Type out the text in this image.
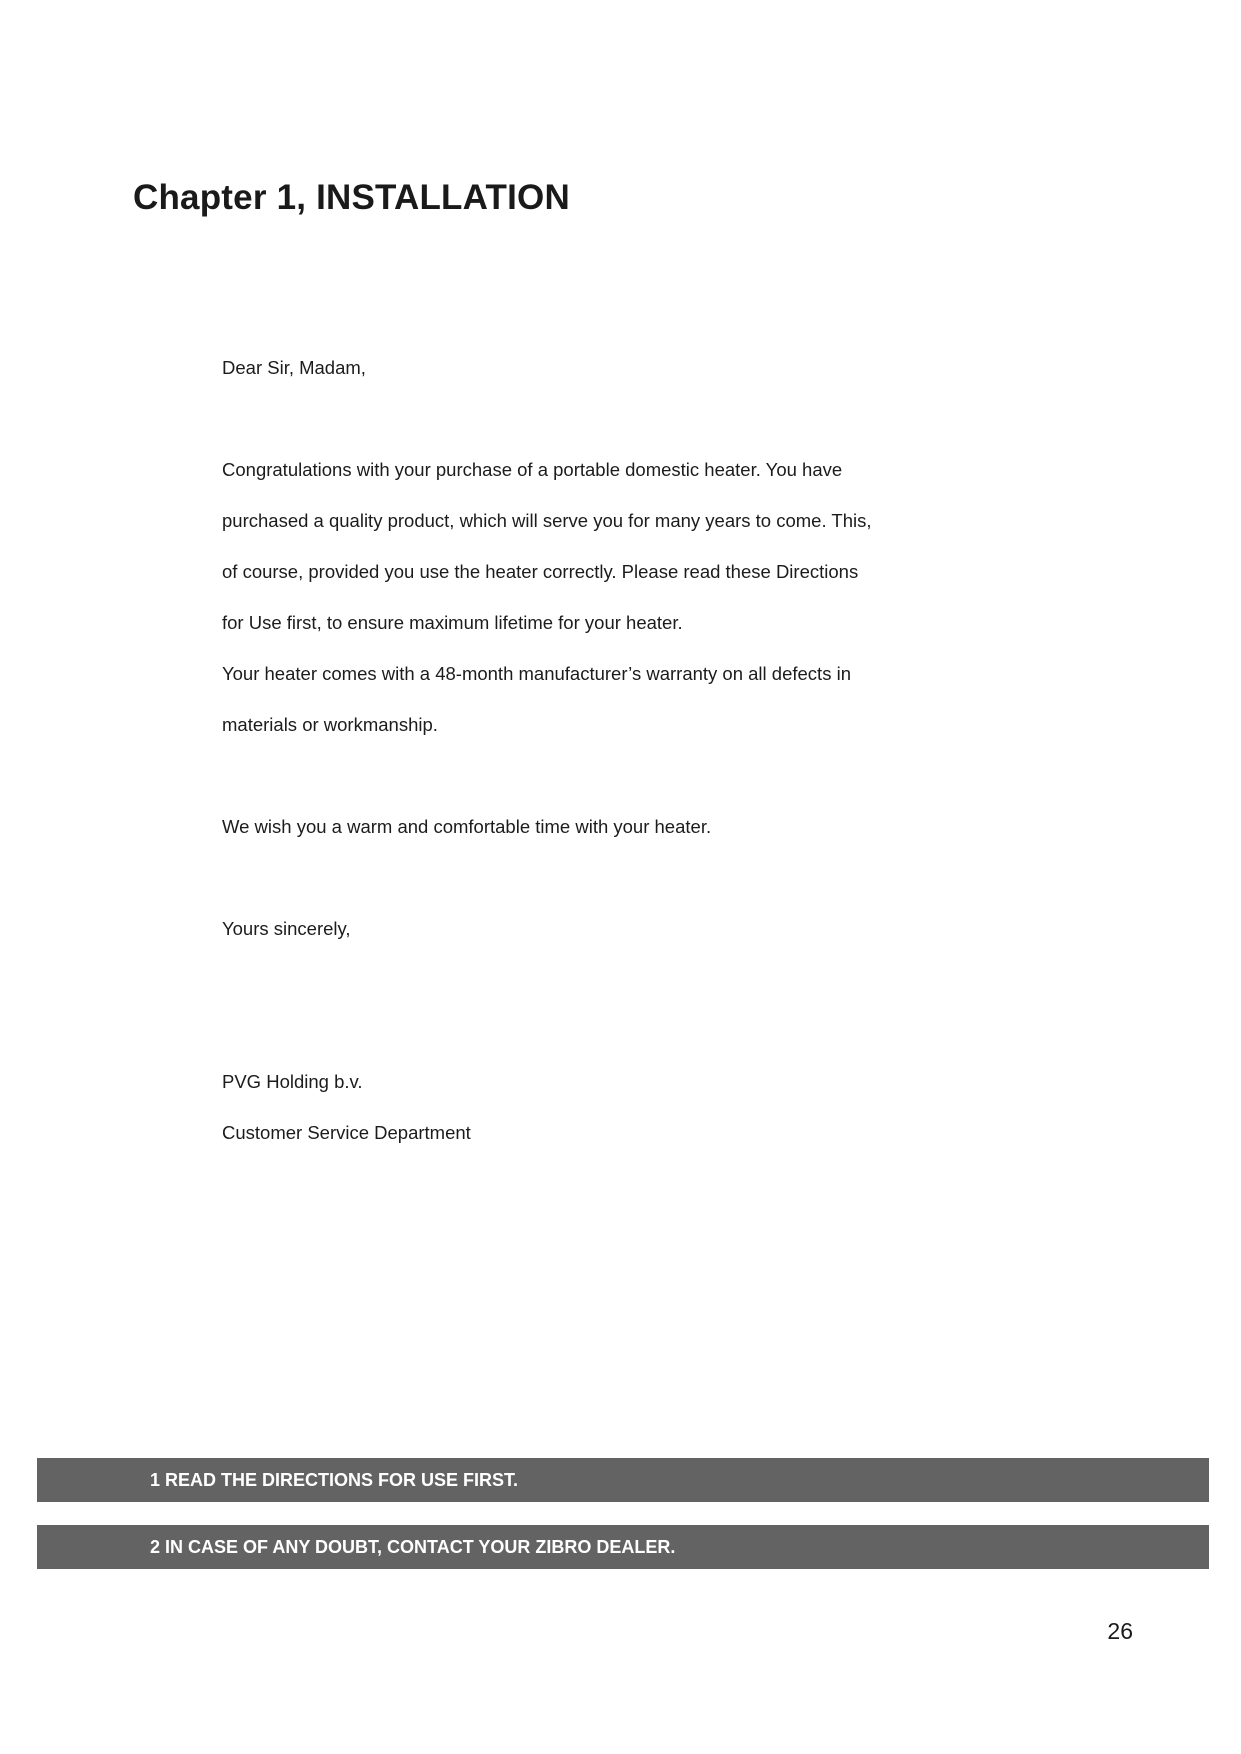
Chapter 1, INSTALLATION

Dear Sir, Madam,

Congratulations with your purchase of a portable domestic heater. You have

purchased a quality product, which will serve you for many years to come. This,

of course, provided you use the heater correctly. Please read these Directions

for Use first, to ensure maximum lifetime for your heater.

Your heater comes with a 48-month manufacturer’s warranty on all defects in

materials or workmanship.

We wish you a warm and comfortable time with your heater.

Yours sincerely,

PVG Holding b.v.

Customer Service Department

1 READ THE DIRECTIONS FOR USE FIRST.
2 IN CASE OF ANY DOUBT, CONTACT YOUR ZIBRO DEALER.
26
